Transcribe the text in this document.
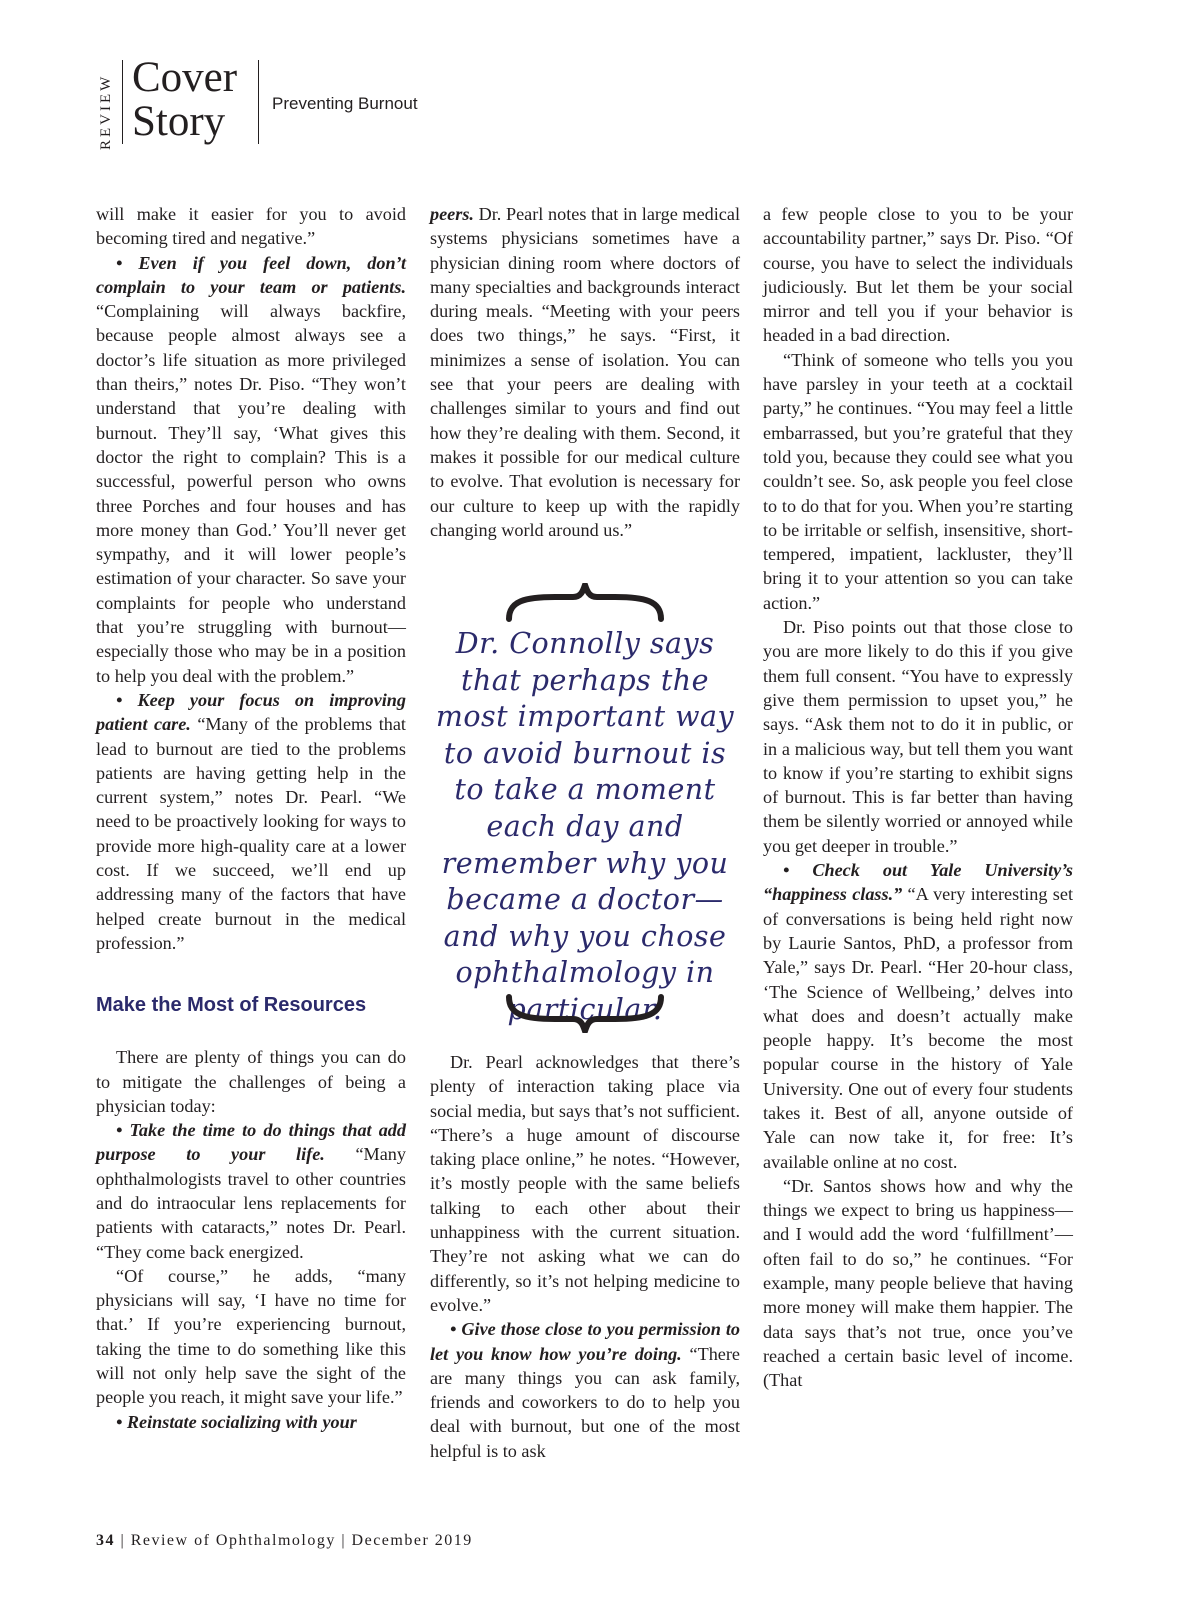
REVIEW Cover
Story	Preventing Burnout

will make it easier for you to avoid becoming tired and negative.”

• Even if you feel down, don’t complain to your team or patients. “Complaining will always backfire, because people almost always see a doctor’s life situation as more privileged than theirs,” notes Dr. Piso. “They won’t understand that you’re dealing with burnout. They’ll say, ‘What gives this doctor the right to complain? This is a successful, powerful person who owns three Porches and four houses and has more money than God.’ You’ll never get sympathy, and it will lower people’s estimation of your character. So save your complaints for people who understand that you’re struggling with burnout—especially those who may be in a position to help you deal with the problem.”

• Keep your focus on improving patient care. “Many of the problems that lead to burnout are tied to the problems patients are having getting help in the current system,” notes Dr. Pearl. “We need to be proactively looking for ways to provide more high-quality care at a lower cost. If we succeed, we’ll end up addressing many of the factors that have helped create burnout in the medical profession.”

Make the Most of Resources

There are plenty of things you can do to mitigate the challenges of being a physician today:

• Take the time to do things that add purpose to your life. “Many ophthalmologists travel to other countries and do intraocular lens replacements for patients with cataracts,” notes Dr. Pearl. “They come back energized.

“Of course,” he adds, “many physicians will say, ‘I have no time for that.’ If you’re experiencing burnout, taking the time to do something like this will not only help save the sight of the people you reach, it might save your life.”

• Reinstate socializing with your

peers. Dr. Pearl notes that in large medical systems physicians sometimes have a physician dining room where doctors of many specialties and backgrounds interact during meals. “Meeting with your peers does two things,” he says. “First, it minimizes a sense of isolation. You can see that your peers are dealing with challenges similar to yours and find out how they’re dealing with them. Second, it makes it possible for our medical culture to evolve. That evolution is necessary for our culture to keep up with the rapidly changing world around us.”

Dr. Connolly says that perhaps the most important way to avoid burnout is to take a moment each day and remember why you became a doctor—and why you chose ophthalmology in particular.

Dr. Pearl acknowledges that there’s plenty of interaction taking place via social media, but says that’s not sufficient. “There’s a huge amount of discourse taking place online,” he notes. “However, it’s mostly people with the same beliefs talking to each other about their unhappiness with the current situation. They’re not asking what we can do differently, so it’s not helping medicine to evolve.”

• Give those close to you permission to let you know how you’re doing. “There are many things you can ask family, friends and coworkers to do to help you deal with burnout, but one of the most helpful is to ask

a few people close to you to be your accountability partner,” says Dr. Piso. “Of course, you have to select the individuals judiciously. But let them be your social mirror and tell you if your behavior is headed in a bad direction.

“Think of someone who tells you you have parsley in your teeth at a cocktail party,” he continues. “You may feel a little embarrassed, but you’re grateful that they told you, because they could see what you couldn’t see. So, ask people you feel close to to do that for you. When you’re starting to be irritable or selfish, insensitive, short-tempered, impatient, lackluster, they’ll bring it to your attention so you can take action.”

Dr. Piso points out that those close to you are more likely to do this if you give them full consent. “You have to expressly give them permission to upset you,” he says. “Ask them not to do it in public, or in a malicious way, but tell them you want to know if you’re starting to exhibit signs of burnout. This is far better than having them be silently worried or annoyed while you get deeper in trouble.”

• Check out Yale University’s “happiness class.” “A very interesting set of conversations is being held right now by Laurie Santos, PhD, a professor from Yale,” says Dr. Pearl. “Her 20-hour class, ‘The Science of Wellbeing,’ delves into what does and doesn’t actually make people happy. It’s become the most popular course in the history of Yale University. One out of every four students takes it. Best of all, anyone outside of Yale can now take it, for free: It’s available online at no cost.

“Dr. Santos shows how and why the things we expect to bring us happiness—and I would add the word ‘fulfillment’—often fail to do so,” he continues. “For example, many people believe that having more money will make them happier. The data says that’s not true, once you’ve reached a certain basic level of income. (That

34 | Review of Ophthalmology | December 2019
